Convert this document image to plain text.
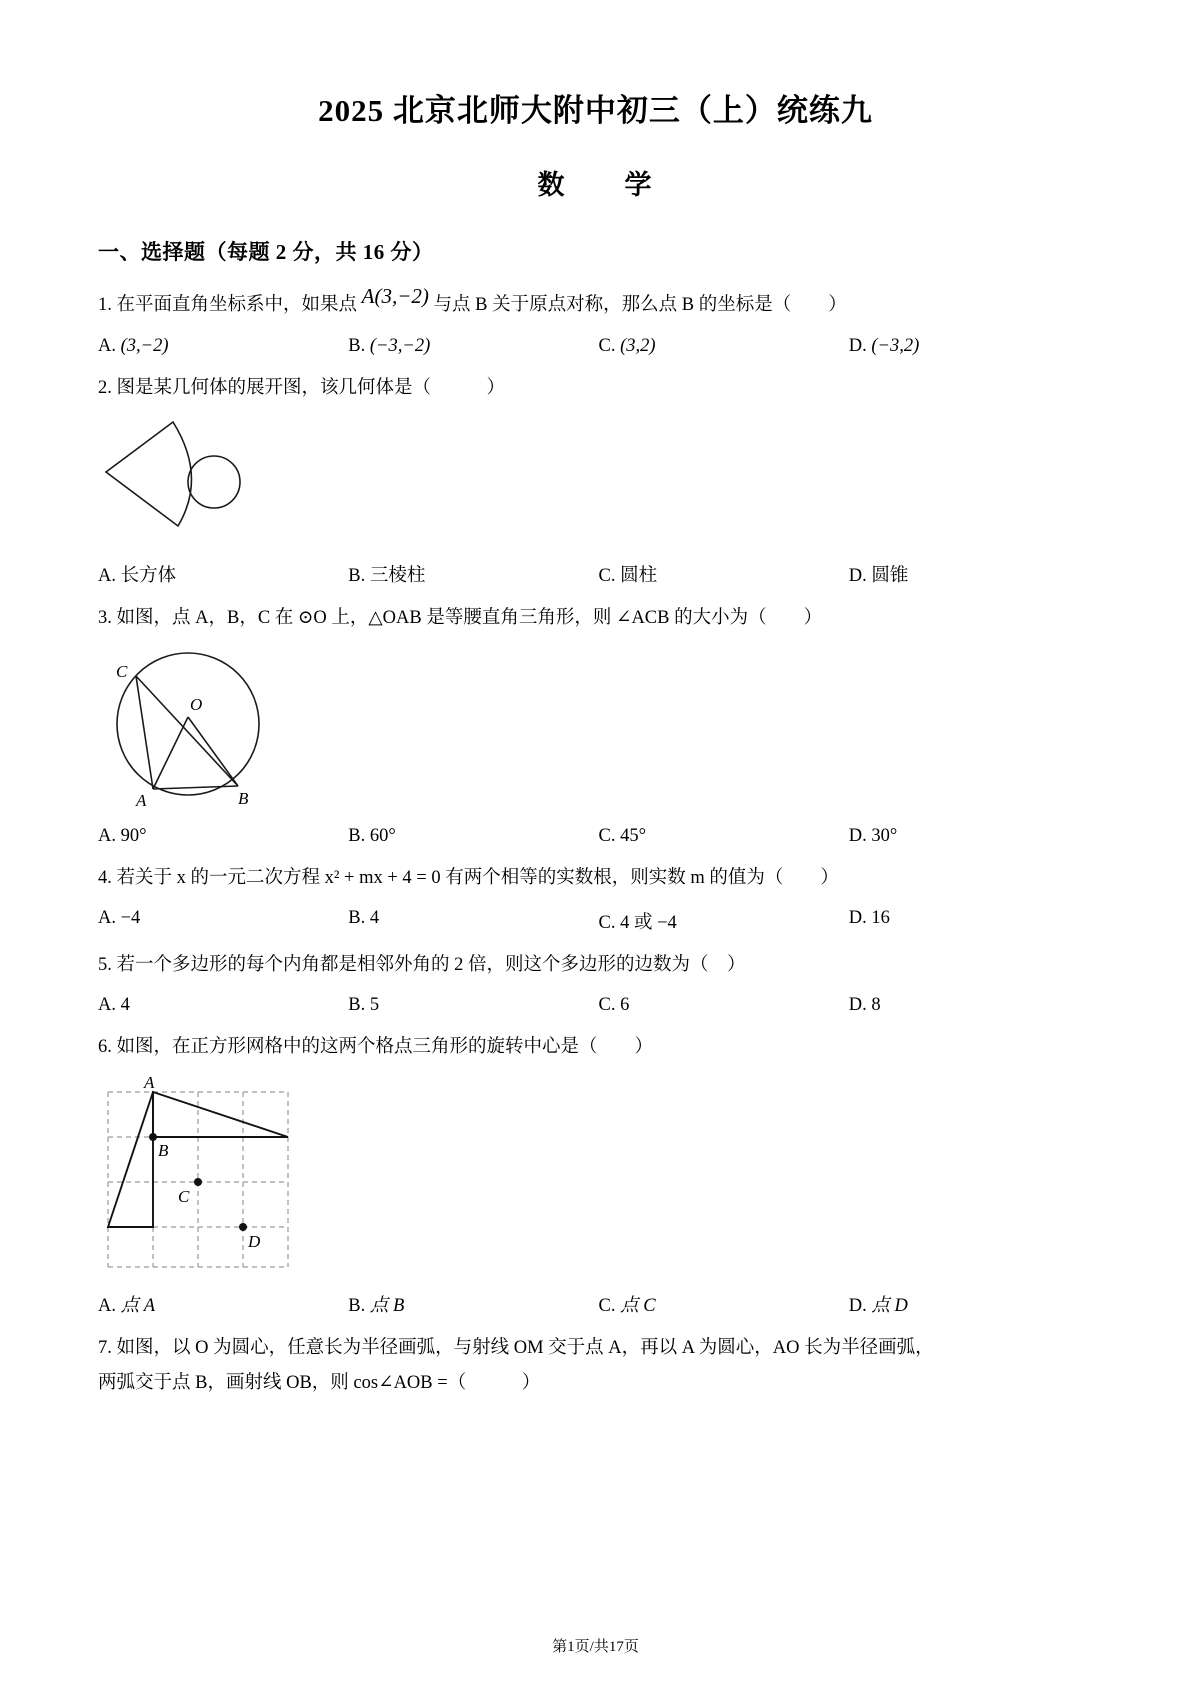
2025 北京北师大附中初三（上）统练九
数　　学
一、选择题（每题 2 分，共 16 分）
1. 在平面直角坐标系中，如果点 A(3,−2) 与点 B 关于原点对称，那么点 B 的坐标是（　　）
A. (3,−2)	B. (−3,−2)	C. (3,2)	D. (−3,2)
2. 图是某几何体的展开图，该几何体是（　　　）
A. 长方体	B. 三棱柱	C. 圆柱	D. 圆锥
3. 如图，点 A，B，C 在 ⊙O 上，△OAB 是等腰直角三角形，则 ∠ACB 的大小为（　　）
C
O
A	B
A. 90°	B. 60°	C. 45°	D. 30°
4. 若关于 x 的一元二次方程 x² + mx + 4 = 0 有两个相等的实数根，则实数 m 的值为（　　）
A. −4	B. 4	C. 4 或 −4	D. 16
5. 若一个多边形的每个内角都是相邻外角的 2 倍，则这个多边形的边数为（　）
A. 4	B. 5	C. 6	D. 8
6. 如图，在正方形网格中的这两个格点三角形的旋转中心是（　　）
A
B
C
D
A. 点 A	B. 点 B	C. 点 C	D. 点 D
7. 如图，以 O 为圆心，任意长为半径画弧，与射线 OM 交于点 A，再以 A 为圆心，AO 长为半径画弧，
两弧交于点 B，画射线 OB，则 cos∠AOB =（　　　）
第1页/共17页
